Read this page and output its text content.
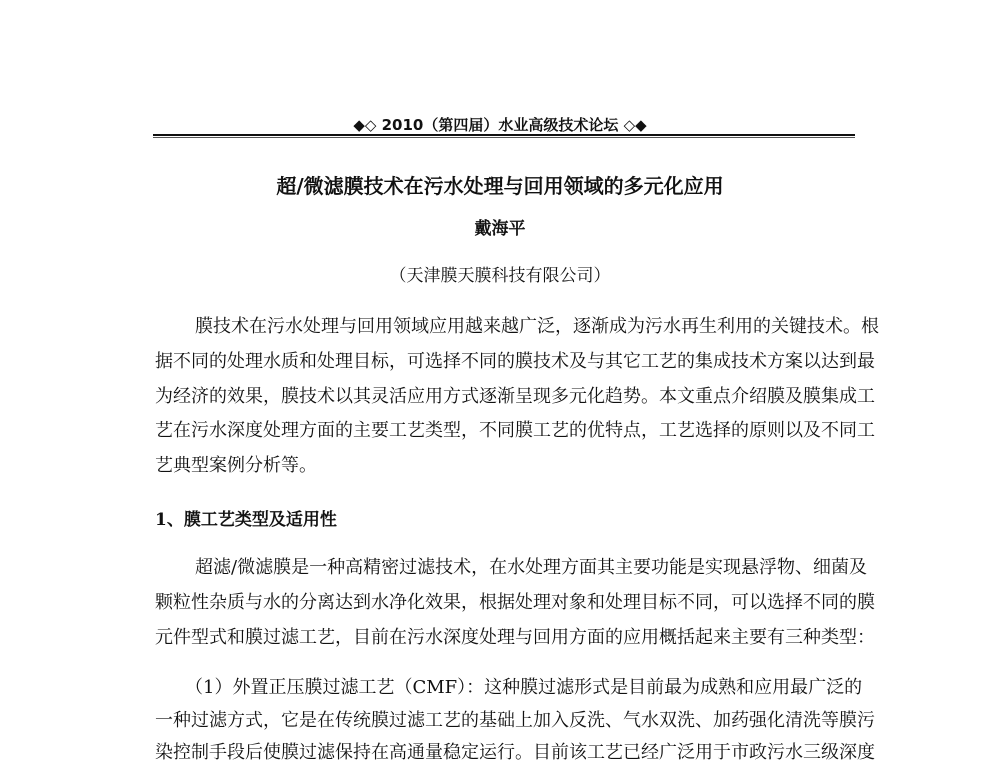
◆◇ 2010（第四届）水业高级技术论坛 ◇◆
超/微滤膜技术在污水处理与回用领域的多元化应用
戴海平
（天津膜天膜科技有限公司）
膜技术在污水处理与回用领域应用越来越广泛，逐渐成为污水再生利用的关键技术。根
据不同的处理水质和处理目标，可选择不同的膜技术及与其它工艺的集成技术方案以达到最
为经济的效果，膜技术以其灵活应用方式逐渐呈现多元化趋势。本文重点介绍膜及膜集成工
艺在污水深度处理方面的主要工艺类型，不同膜工艺的优特点，工艺选择的原则以及不同工
艺典型案例分析等。
1、膜工艺类型及适用性
超滤/微滤膜是一种高精密过滤技术，在水处理方面其主要功能是实现悬浮物、细菌及
颗粒性杂质与水的分离达到水净化效果，根据处理对象和处理目标不同，可以选择不同的膜
元件型式和膜过滤工艺，目前在污水深度处理与回用方面的应用概括起来主要有三种类型：
（1）外置正压膜过滤工艺（CMF）：这种膜过滤形式是目前最为成熟和应用最广泛的
一种过滤方式，它是在传统膜过滤工艺的基础上加入反洗、气水双洗、加药强化清洗等膜污
染控制手段后使膜过滤保持在高通量稳定运行。目前该工艺已经广泛用于市政污水三级深度
